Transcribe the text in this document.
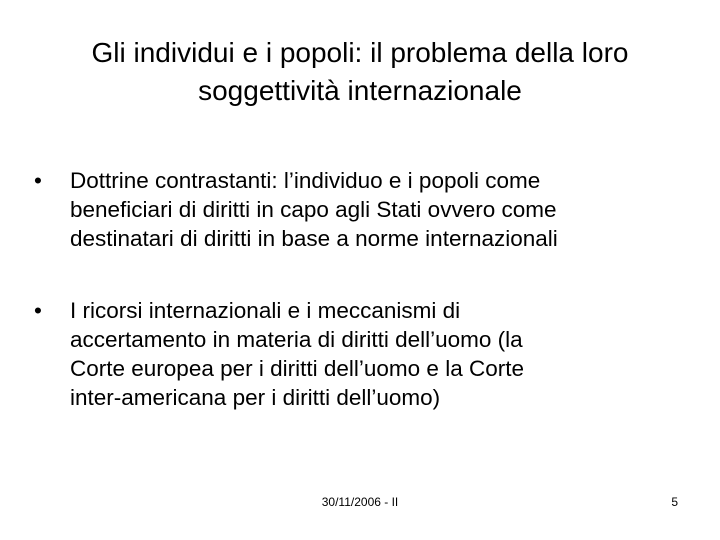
Gli individui e i popoli: il problema della loro
soggettività internazionale
•	Dottrine contrastanti: l’individuo e i popoli come
beneficiari di diritti in capo agli Stati ovvero come
destinatari di diritti in base a norme internazionali
•	I ricorsi internazionali e i meccanismi di
accertamento in materia di diritti dell’uomo (la
Corte europea per i diritti dell’uomo e la Corte
inter-americana per i diritti dell’uomo)
30/11/2006 - II	5
